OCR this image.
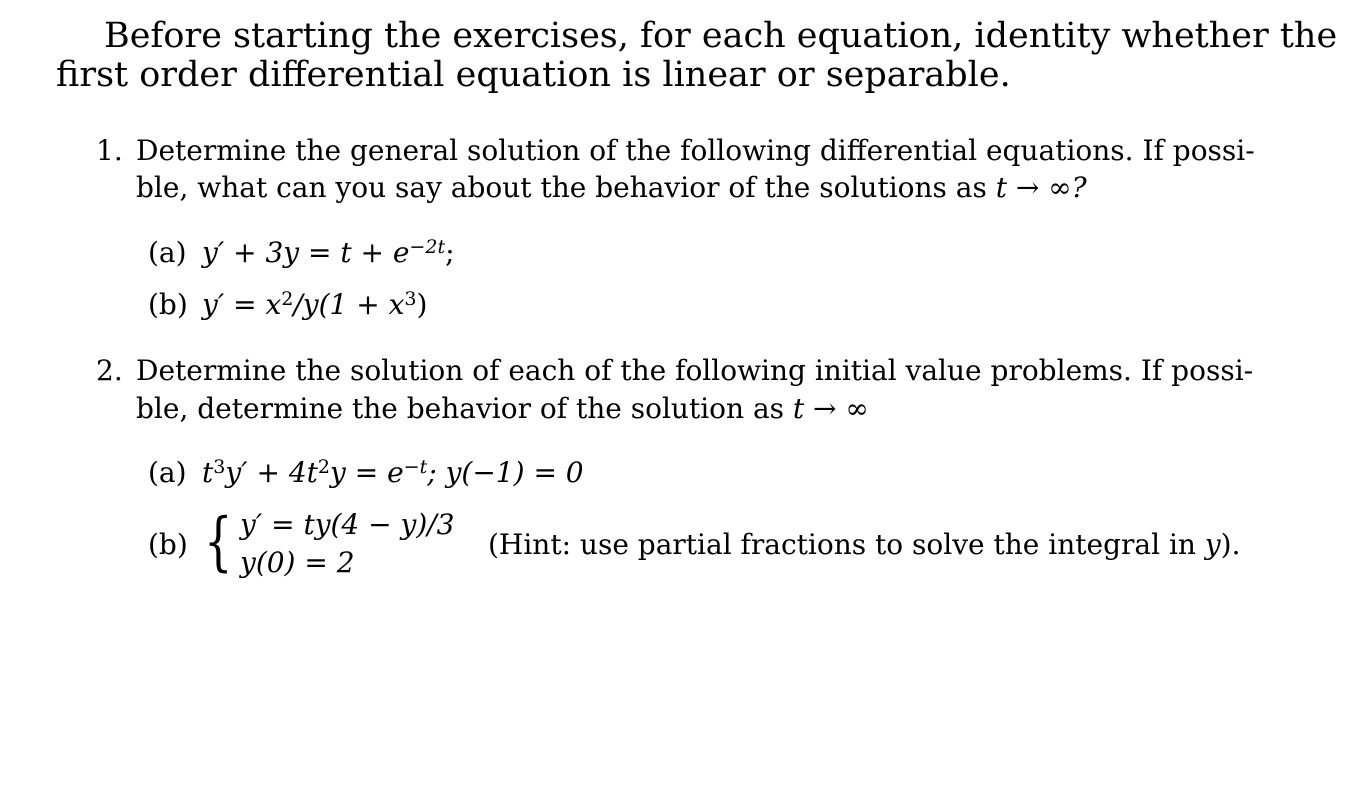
Before starting the exercises, for each equation, identity whether the
first order differential equation is linear or separable.
1. Determine the general solution of the following differential equations. If possi-
ble, what can you say about the behavior of the solutions as t → ∞?
(a) $y' + 3y = t + e^{-2t}$;
(b) $y' = x^2/y(1 + x^3)$
2. Determine the solution of each of the following initial value problems. If possi-
ble, determine the behavior of the solution as t → ∞
(a) $t^3y' + 4t^2y = e^{-t}$; y(−1) = 0
(b) { y′ = ty(4 − y)/3
y(0) = 2
(Hint: use partial fractions to solve the integral in y).
